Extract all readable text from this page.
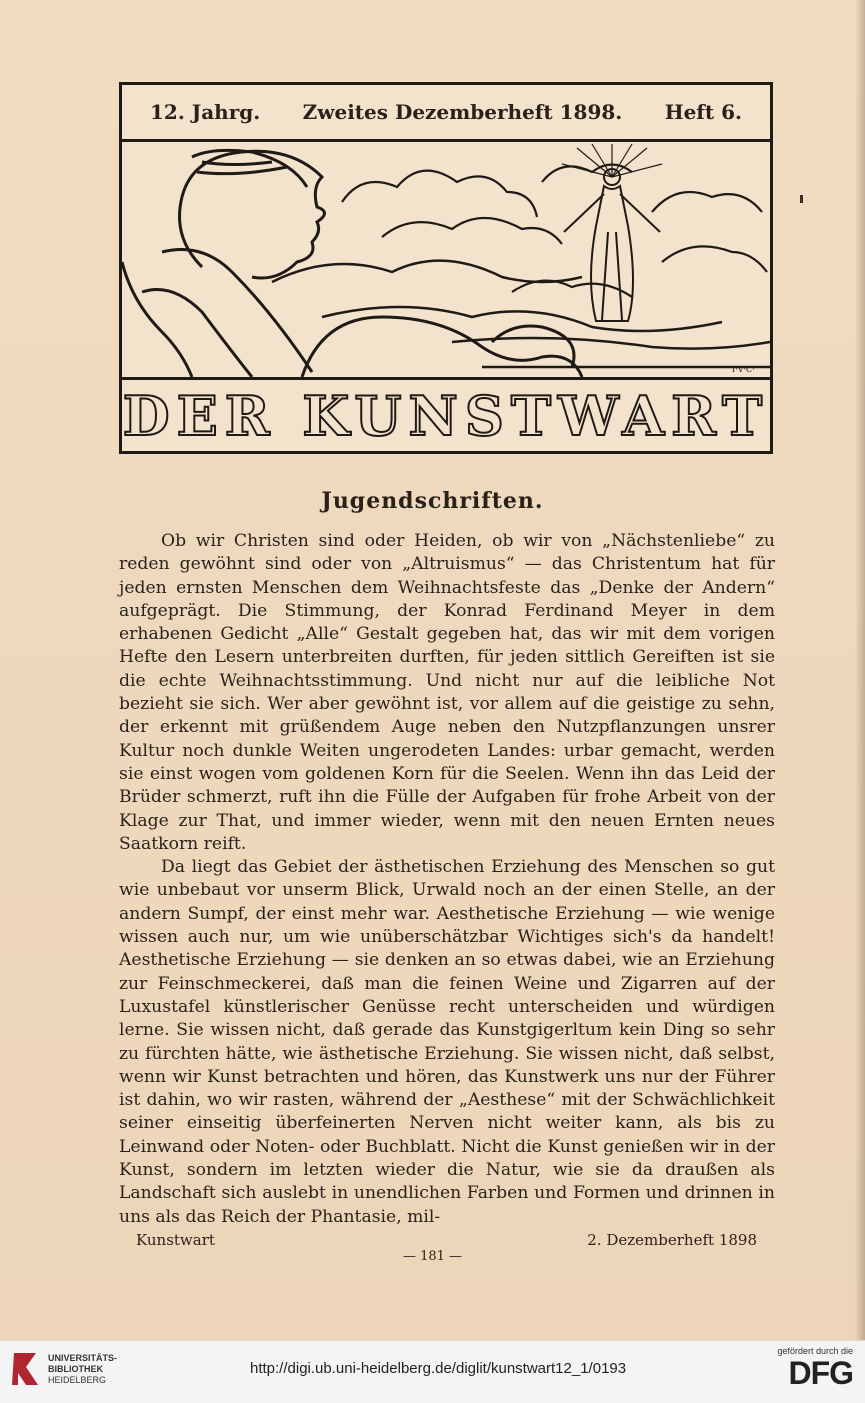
12. Jahrg. Zweites Dezemberheft 1898. Heft 6.
I·V·C·
DER KUNSTWART
Jugendschriften.

Ob wir Christen sind oder Heiden, ob wir von „Nächstenliebe“ zu reden gewöhnt sind oder von „Altruismus“ — das Christentum hat für jeden ernsten Menschen dem Weihnachtsfeste das „Denke der Andern“ aufgeprägt. Die Stimmung, der Konrad Ferdinand Meyer in dem erhabenen Gedicht „Alle“ Gestalt gegeben hat, das wir mit dem vorigen Hefte den Lesern unterbreiten durften, für jeden sittlich Gereiften ist sie die echte Weihnachtsstimmung. Und nicht nur auf die leibliche Not bezieht sie sich. Wer aber gewöhnt ist, vor allem auf die geistige zu sehn, der erkennt mit grüßendem Auge neben den Nutzpflanzungen unsrer Kultur noch dunkle Weiten ungerodeten Landes: urbar gemacht, werden sie einst wogen vom goldenen Korn für die Seelen. Wenn ihn das Leid der Brüder schmerzt, ruft ihn die Fülle der Aufgaben für frohe Arbeit von der Klage zur That, und immer wieder, wenn mit den neuen Ernten neues Saatkorn reift.

Da liegt das Gebiet der ästhetischen Erziehung des Menschen so gut wie unbebaut vor unserm Blick, Urwald noch an der einen Stelle, an der andern Sumpf, der einst mehr war. Aesthetische Erziehung — wie wenige wissen auch nur, um wie unüberschätzbar Wichtiges sich's da handelt! Aesthetische Erziehung — sie denken an so etwas dabei, wie an Erziehung zur Feinschmeckerei, daß man die feinen Weine und Zigarren auf der Luxustafel künstlerischer Genüsse recht unterscheiden und würdigen lerne. Sie wissen nicht, daß gerade das Kunstgigerltum kein Ding so sehr zu fürchten hätte, wie ästhetische Erziehung. Sie wissen nicht, daß selbst, wenn wir Kunst betrachten und hören, das Kunstwerk uns nur der Führer ist dahin, wo wir rasten, während der „Aesthese“ mit der Schwächlichkeit seiner einseitig überfeinerten Nerven nicht weiter kann, als bis zu Leinwand oder Noten- oder Buchblatt. Nicht die Kunst genießen wir in der Kunst, sondern im letzten wieder die Natur, wie sie da draußen als Landschaft sich auslebt in unendlichen Farben und Formen und drinnen in uns als das Reich der Phantasie, mil-

Kunstwart	2. Dezemberheft 1898
— 181 —
UNIVERSITÄTS-
BIBLIOTHEK
HEIDELBERG
http://digi.ub.uni-heidelberg.de/diglit/kunstwart12_1/0193
gefördert durch die
DFG
